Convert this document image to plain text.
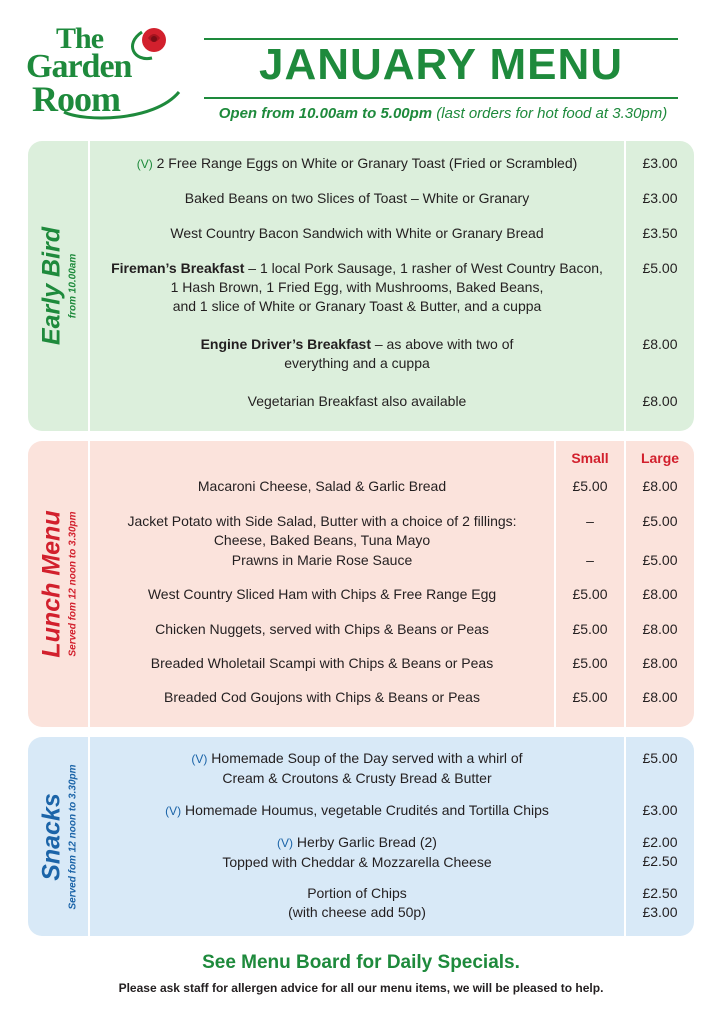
The
Garden
Room
JANUARY MENU
Open from 10.00am to 5.00pm (last orders for hot food at 3.30pm)
Early Bird from 10.00am
(V) 2 Free Range Eggs on White or Granary Toast (Fried or Scrambled)	£3.00
Baked Beans on two Slices of Toast – White or Granary	£3.00
West Country Bacon Sandwich with White or Granary Bread	£3.50
Fireman’s Breakfast – 1 local Pork Sausage, 1 rasher of West Country Bacon,
1 Hash Brown, 1 Fried Egg, with Mushrooms, Baked Beans,
and 1 slice of White or Granary Toast & Butter, and a cuppa
£5.00
Engine Driver’s Breakfast – as above with two of
everything and a cuppa
£8.00
Vegetarian Breakfast also available	£8.00
Lunch Menu Served fom 12 noon to 3.30pm
Small	Large
Macaroni Cheese, Salad & Garlic Bread	£5.00	£8.00
Jacket Potato with Side Salad, Butter with a choice of 2 fillings:
Cheese, Baked Beans, Tuna Mayo
–	£5.00
Prawns in Marie Rose Sauce	–	£5.00
West Country Sliced Ham with Chips & Free Range Egg	£5.00	£8.00
Chicken Nuggets, served with Chips & Beans or Peas	£5.00	£8.00
Breaded Wholetail Scampi with Chips & Beans or Peas	£5.00	£8.00
Breaded Cod Goujons with Chips & Beans or Peas	£5.00	£8.00
Snacks Served fom 12 noon to 3.30pm
(V) Homemade Soup of the Day served with a whirl of
Cream & Croutons & Crusty Bread & Butter
£5.00
(V) Homemade Houmus, vegetable Crudités and Tortilla Chips	£3.00
(V) Herby Garlic Bread (2)
Topped with Cheddar & Mozzarella Cheese
£2.00
£2.50
Portion of Chips
(with cheese add 50p)
£2.50
£3.00
See Menu Board for Daily Specials.
Please ask staff for allergen advice for all our menu items, we will be pleased to help.
